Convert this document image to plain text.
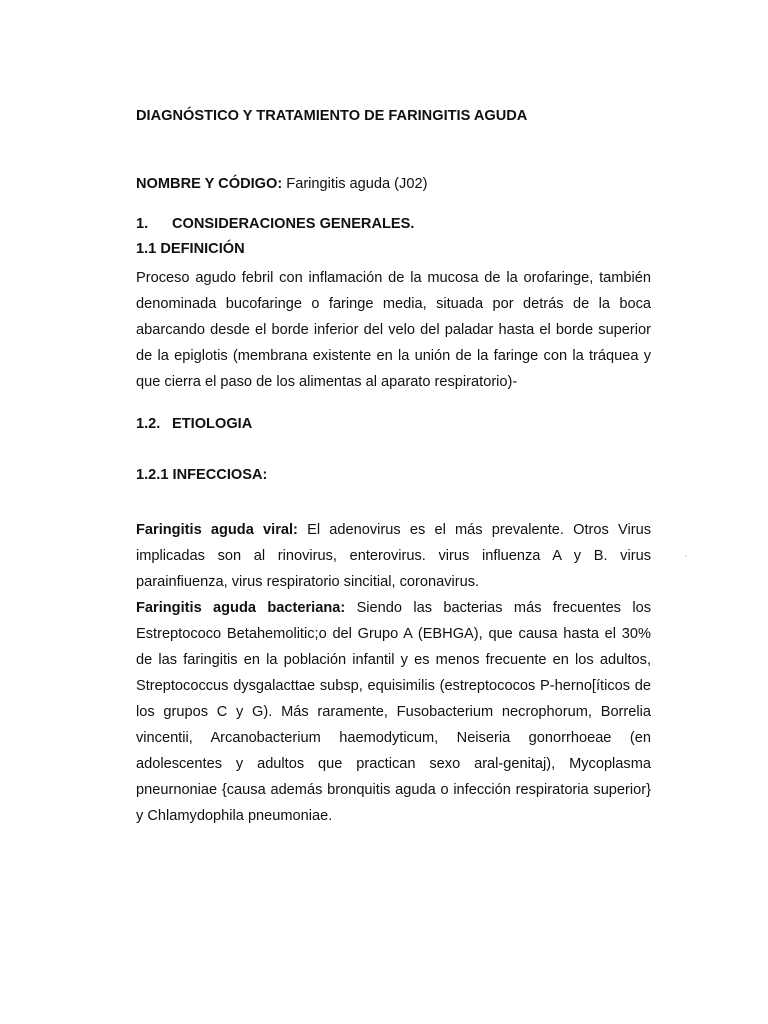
DIAGNÓSTICO Y TRATAMIENTO DE FARINGITIS AGUDA

NOMBRE Y CÓDIGO: Faringitis aguda (J02)

1. CONSIDERACIONES GENERALES.

1.1 DEFINICIÓN

Proceso agudo febril con inflamación de la mucosa de la orofaringe, también denominada bucofaringe o faringe media, situada por detrás de la boca abarcando desde el borde inferior del velo del paladar hasta el borde superior de la epiglotis (membrana existente en la unión de la faringe con la tráquea y que cierra el paso de los alimentas al aparato respiratorio)-

1.2. ETIOLOGIA

1.2.1 INFECCIOSA:

Faringitis aguda viral: El adenovirus es el más prevalente. Otros Virus implicadas son al rinovirus, enterovirus. virus influenza A y B. virus parainfiuenza, virus respiratorio sincitial, coronavirus.
Faringitis aguda bacteriana: Siendo las bacterias más frecuentes los Estreptococo Betahemolitic;o del Grupo A (EBHGA), que causa hasta el 30% de las faringitis en la población infantil y es menos frecuente en los adultos, Streptococcus dysgalacttae subsp, equisimilis (estreptococos P-herno[íticos de los grupos C y G). Más raramente, Fusobacterium necrophorum, Borrelia vincentii, Arcanobacterium haemodyticum, Neiseria gonorrhoeae (en adolescentes y adultos que practican sexo aral-genitaj), Mycoplasma pneurnoniae {causa además bronquitis aguda o infección respiratoria superior} y Chlamydophila pneumoniae.
·
